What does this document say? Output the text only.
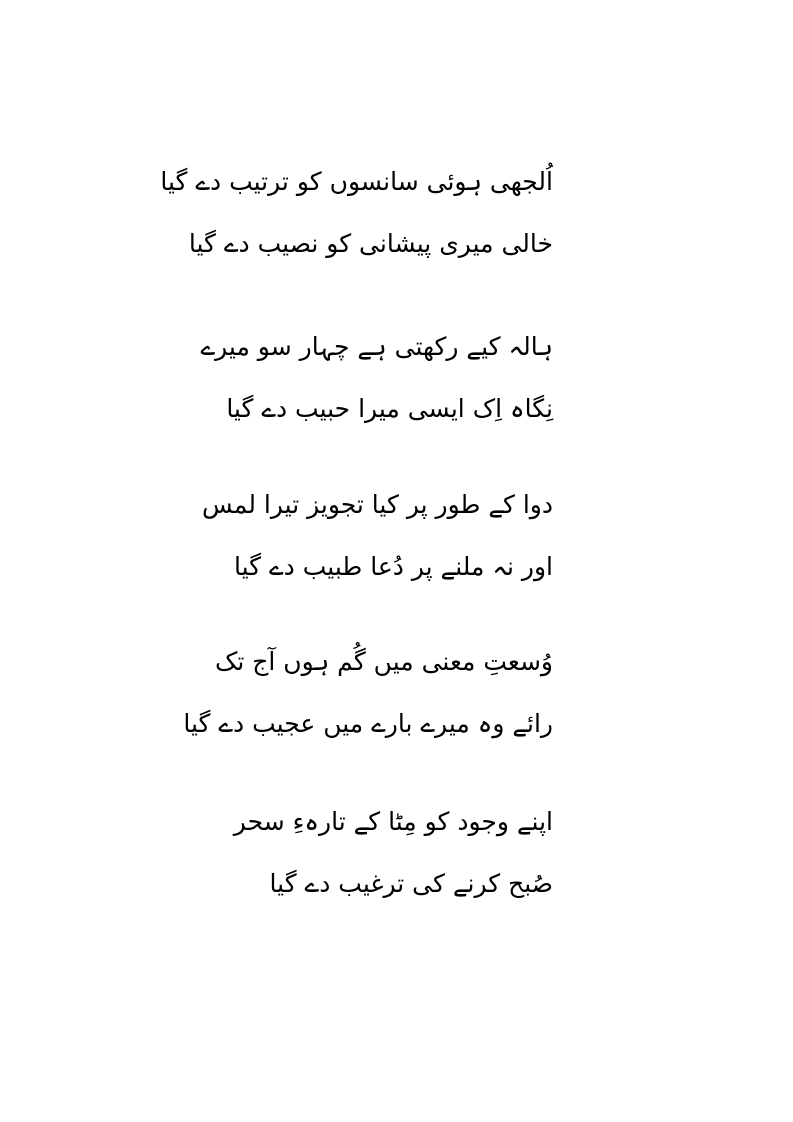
اُلجھی ہوئی سانسوں کو ترتیب دے گیا
خالی میری پیشانی کو نصیب دے گیا
ہالہ کیے رکھتی ہے چہار سو میرے
نِگاہ اِک ایسی میرا حبیب دے گیا
دوا کے طور پر کیا تجویز تیرا لمس
اور نہ ملنے پر دُعا طبیب دے گیا
وُسعتِ معنی میں گُم ہوں آج تک
رائے وہ میرے بارے میں عجیب دے گیا
اپنے وجود کو مِٹا کے تارہءِ سحر
صُبح کرنے کی ترغیب دے گیا
